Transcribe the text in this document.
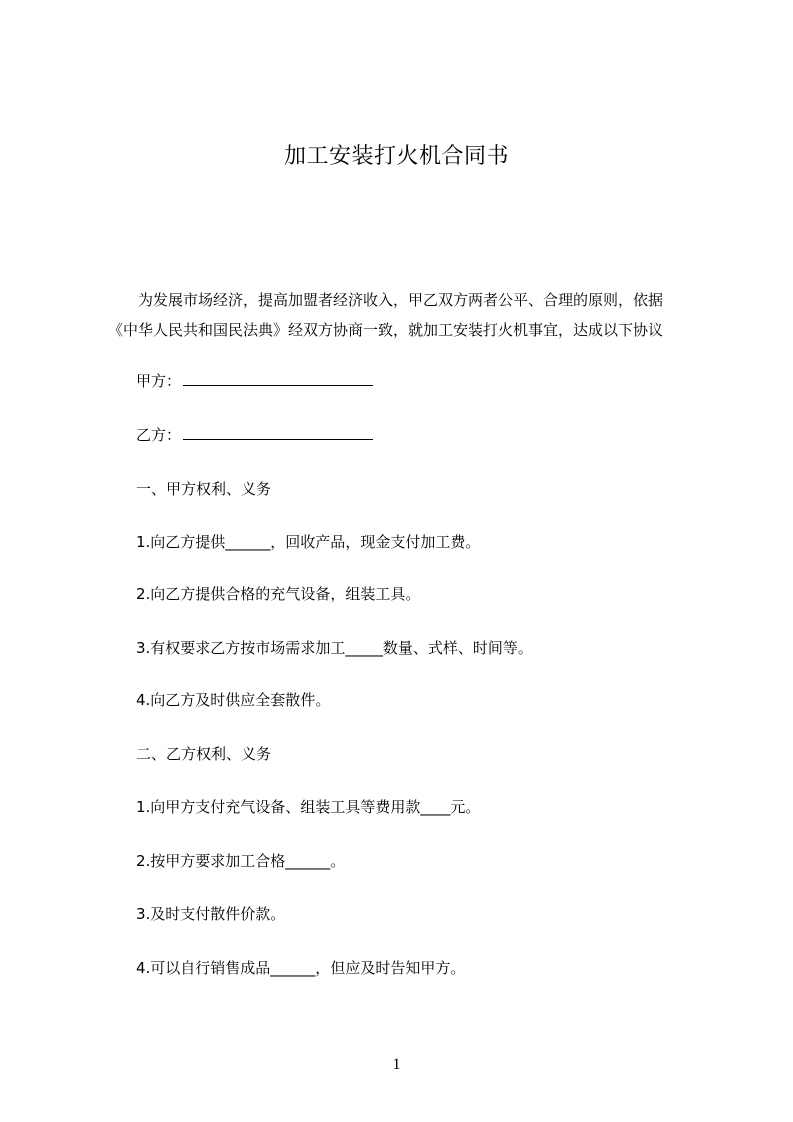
加工安装打火机合同书
为发展市场经济，提高加盟者经济收入，甲乙双方两者公平、合理的原则，依据
《中华人民共和国民法典》经双方协商一致，就加工安装打火机事宜，达成以下协议
甲方：
乙方：
一、甲方权利、义务
1.向乙方提供______，回收产品，现金支付加工费。
2.向乙方提供合格的充气设备，组装工具。
3.有权要求乙方按市场需求加工_____数量、式样、时间等。
4.向乙方及时供应全套散件。
二、乙方权利、义务
1.向甲方支付充气设备、组装工具等费用款____元。
2.按甲方要求加工合格______。
3.及时支付散件价款。
4.可以自行销售成品______，但应及时告知甲方。
1
